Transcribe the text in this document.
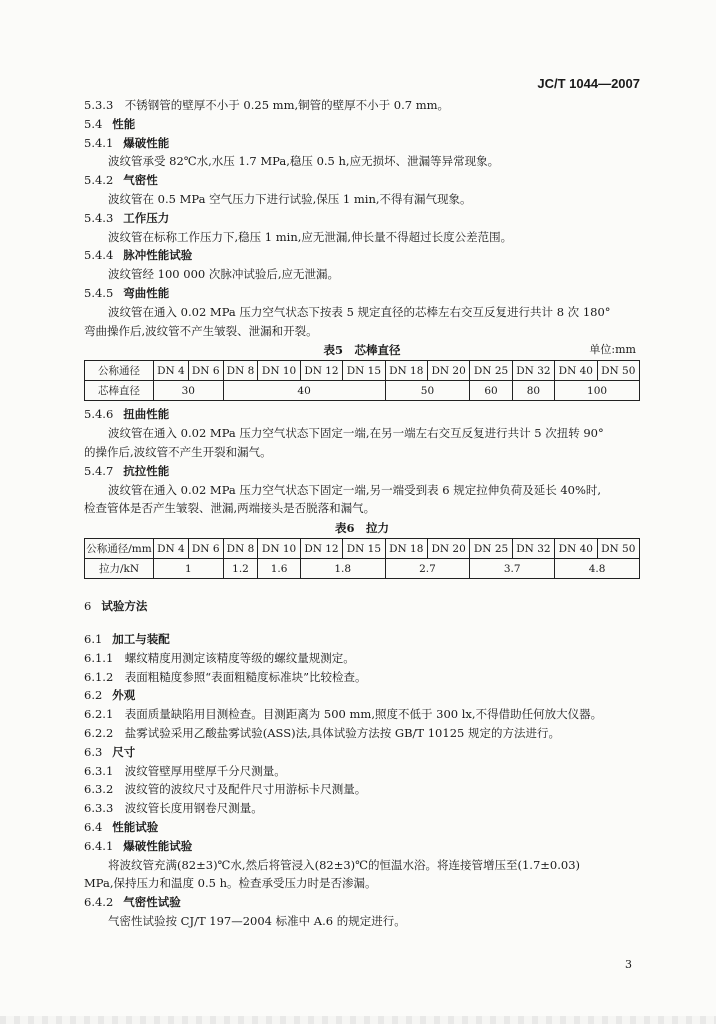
JC/T 1044—2007
5.3.3　 不锈钢管的壁厚不小于 0.25 mm,铜管的壁厚不小于 0.7 mm。
5.4 性能
5.4.1 爆破性能
波纹管承受 82℃水,水压 1.7 MPa,稳压 0.5 h,应无损坏、泄漏等异常现象。
5.4.2 气密性
波纹管在 0.5 MPa 空气压力下进行试验,保压 1 min,不得有漏气现象。
5.4.3 工作压力
波纹管在标称工作压力下,稳压 1 min,应无泄漏,伸长量不得超过长度公差范围。
5.4.4 脉冲性能试验
波纹管经 100 000 次脉冲试验后,应无泄漏。
5.4.5 弯曲性能
波纹管在通入 0.02 MPa 压力空气状态下按表 5 规定直径的芯棒左右交互反复进行共计 8 次 180°
弯曲操作后,波纹管不产生皱裂、泄漏和开裂。
表5　芯棒直径	单位:mm
公称通径	DN 4	DN 6	DN 8	DN 10	DN 12	DN 15	DN 18	DN 20	DN 25	DN 32	DN 40	DN 50
芯棒直径	30		40				50		60	80	100	
5.4.6 扭曲性能
波纹管在通入 0.02 MPa 压力空气状态下固定一端,在另一端左右交互反复进行共计 5 次扭转 90°
的操作后,波纹管不产生开裂和漏气。
5.4.7 抗拉性能
波纹管在通入 0.02 MPa 压力空气状态下固定一端,另一端受到表 6 规定拉伸负荷及延长 40%时,
检查管体是否产生皱裂、泄漏,两端接头是否脱落和漏气。
表6　拉力
公称通径/mm	DN 4	DN 6	DN 8	DN 10	DN 12	DN 15	DN 18	DN 20	DN 25	DN 32	DN 40	DN 50
拉力/kN	1		1.2	1.6	1.8		2.7		3.7		4.8	
6 试验方法
6.1 加工与装配
6.1.1　 螺纹精度用测定该精度等级的螺纹量规测定。
6.1.2　 表面粗糙度参照“表面粗糙度标准块”比较检查。
6.2 外观
6.2.1　 表面质量缺陷用目测检查。目测距离为 500 mm,照度不低于 300 lx,不得借助任何放大仪器。
6.2.2　 盐雾试验采用乙酸盐雾试验(ASS)法,具体试验方法按 GB/T 10125 规定的方法进行。
6.3 尺寸
6.3.1　 波纹管壁厚用壁厚千分尺测量。
6.3.2　 波纹管的波纹尺寸及配件尺寸用游标卡尺测量。
6.3.3　 波纹管长度用钢卷尺测量。
6.4 性能试验
6.4.1 爆破性能试验
将波纹管充满(82±3)℃水,然后将管浸入(82±3)℃的恒温水浴。将连接管增压至(1.7±0.03)
MPa,保持压力和温度 0.5 h。检查承受压力时是否渗漏。
6.4.2 气密性试验
气密性试验按 CJ/T 197—2004 标准中 A.6 的规定进行。
3
